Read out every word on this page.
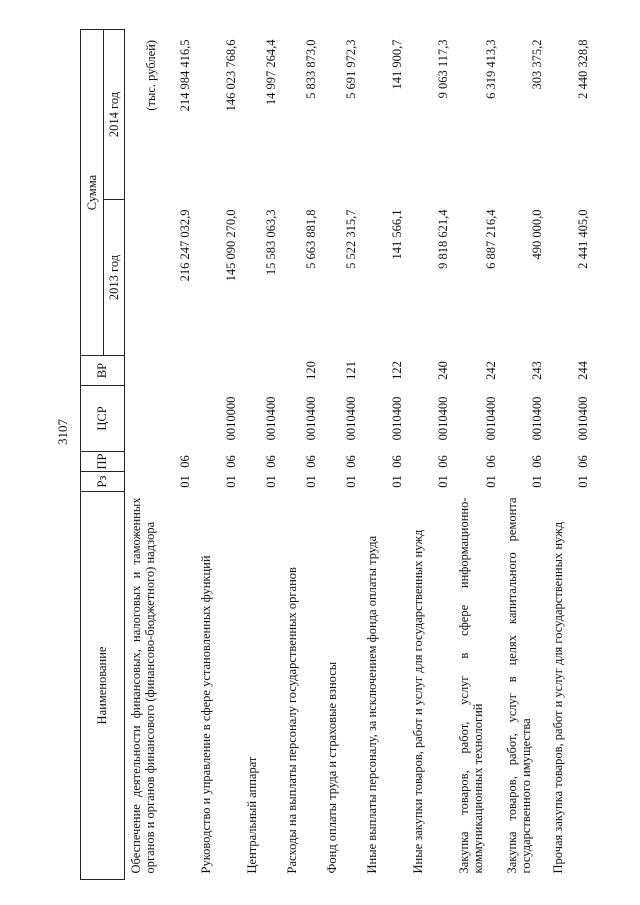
3107
Наименование	Рз	ПР	ЦСР	ВР	Сумма	
					2013 год	2014 год
Обеспечение деятельности финансовых, налоговых и таможенных органов и органов финансового (финансово-бюджетного) надзора	01	06			216 247 032,9	214 984 416,5
Руководство и управление в сфере установленных функций	01	06	0010000		145 090 270,0	146 023 768,6
Центральный аппарат	01	06	0010400		15 583 063,3	14 997 264,4
Расходы на выплаты персоналу государственных органов	01	06	0010400	120	5 663 881,8	5 833 873,0
Фонд оплаты труда и страховые взносы	01	06	0010400	121	5 522 315,7	5 691 972,3
Иные выплаты персоналу, за исключением фонда оплаты труда	01	06	0010400	122	141 566,1	141 900,7
Иные закупки товаров, работ и услуг для государственных нужд	01	06	0010400	240	9 818 621,4	9 063 117,3
Закупка товаров, работ, услуг в сфере информационно-коммуникационных технологий	01	06	0010400	242	6 887 216,4	6 319 413,3
Закупка товаров, работ, услуг в целях капитального ремонта государственного имущества	01	06	0010400	243	490 000,0	303 375,2
Прочая закупка товаров, работ и услуг для государственных нужд	01	06	0010400	244	2 441 405,0	2 440 328,8
(тыс. рублей)
